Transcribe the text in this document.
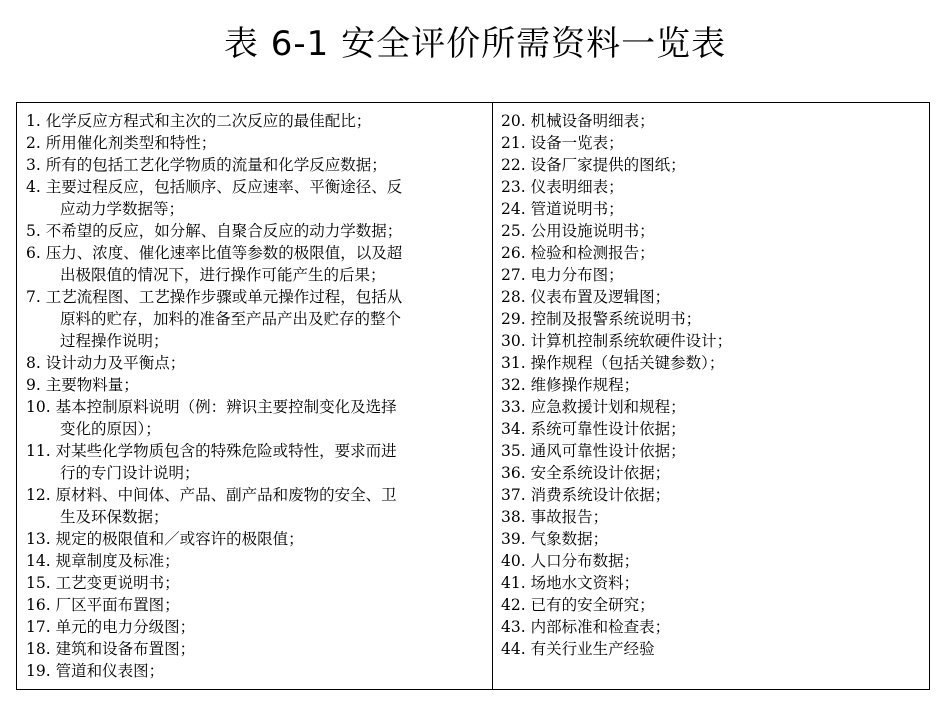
表 6-1 安全评价所需资料一览表
1. 化学反应方程式和主次的二次反应的最佳配比；
2. 所用催化剂类型和特性；
3. 所有的包括工艺化学物质的流量和化学反应数据；
4. 主要过程反应，包括顺序、反应速率、平衡途径、反
应动力学数据等；
5. 不希望的反应，如分解、自聚合反应的动力学数据；
6. 压力、浓度、催化速率比值等参数的极限值，以及超
出极限值的情况下，进行操作可能产生的后果；
7. 工艺流程图、工艺操作步骤或单元操作过程，包括从
原料的贮存，加料的准备至产品产出及贮存的整个
过程操作说明；
8. 设计动力及平衡点；
9. 主要物料量；
10. 基本控制原料说明（例：辨识主要控制变化及选择
变化的原因）；
11. 对某些化学物质包含的特殊危险或特性，要求而进
行的专门设计说明；
12. 原材料、中间体、产品、副产品和废物的安全、卫
生及环保数据；
13. 规定的极限值和／或容许的极限值；
14. 规章制度及标准；
15. 工艺变更说明书；
16. 厂区平面布置图；
17. 单元的电力分级图；
18. 建筑和设备布置图；
19. 管道和仪表图；
20. 机械设备明细表；
21. 设备一览表；
22. 设备厂家提供的图纸；
23. 仪表明细表；
24. 管道说明书；
25. 公用设施说明书；
26. 检验和检测报告；
27. 电力分布图；
28. 仪表布置及逻辑图；
29. 控制及报警系统说明书；
30. 计算机控制系统软硬件设计；
31. 操作规程（包括关键参数）；
32. 维修操作规程；
33. 应急救援计划和规程；
34. 系统可靠性设计依据；
35. 通风可靠性设计依据；
36. 安全系统设计依据；
37. 消费系统设计依据；
38. 事故报告；
39. 气象数据；
40. 人口分布数据；
41. 场地水文资料；
42. 已有的安全研究；
43. 内部标准和检查表；
44. 有关行业生产经验
